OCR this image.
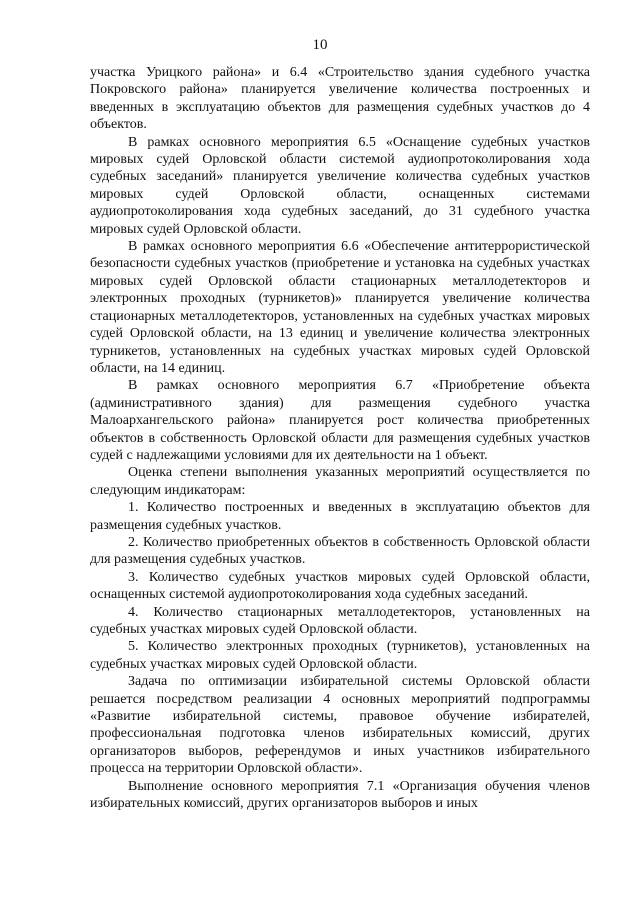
10

участка Урицкого района» и 6.4 «Строительство здания судебного участка Покровского района» планируется увеличение количества построенных и введенных в эксплуатацию объектов для размещения судебных участков до 4 объектов.

В рамках основного мероприятия 6.5 «Оснащение судебных участков мировых судей Орловской области системой аудиопротоколирования хода судебных заседаний» планируется увеличение количества судебных участков мировых судей Орловской области, оснащенных системами аудиопротоколирования хода судебных заседаний, до 31 судебного участка мировых судей Орловской области.

В рамках основного мероприятия 6.6 «Обеспечение антитеррористической безопасности судебных участков (приобретение и установка на судебных участках мировых судей Орловской области стационарных металлодетекторов и электронных проходных (турникетов)» планируется увеличение количества стационарных металлодетекторов, установленных на судебных участках мировых судей Орловской области, на 13 единиц и увеличение количества электронных турникетов, установленных на судебных участках мировых судей Орловской области, на 14 единиц.

В рамках основного мероприятия 6.7 «Приобретение объекта (административного здания) для размещения судебного участка Малоархангельского района» планируется рост количества приобретенных объектов в собственность Орловской области для размещения судебных участков судей с надлежащими условиями для их деятельности на 1 объект.

Оценка степени выполнения указанных мероприятий осуществляется по следующим индикаторам:

1. Количество построенных и введенных в эксплуатацию объектов для размещения судебных участков.

2. Количество приобретенных объектов в собственность Орловской области для размещения судебных участков.

3. Количество судебных участков мировых судей Орловской области, оснащенных системой аудиопротоколирования хода судебных заседаний.

4. Количество стационарных металлодетекторов, установленных на судебных участках мировых судей Орловской области.

5. Количество электронных проходных (турникетов), установленных на судебных участках мировых судей Орловской области.

Задача по оптимизации избирательной системы Орловской области решается посредством реализации 4 основных мероприятий подпрограммы «Развитие избирательной системы, правовое обучение избирателей, профессиональная подготовка членов избирательных комиссий, других организаторов выборов, референдумов и иных участников избирательного процесса на территории Орловской области».

Выполнение основного мероприятия 7.1 «Организация обучения членов избирательных комиссий, других организаторов выборов и иных
